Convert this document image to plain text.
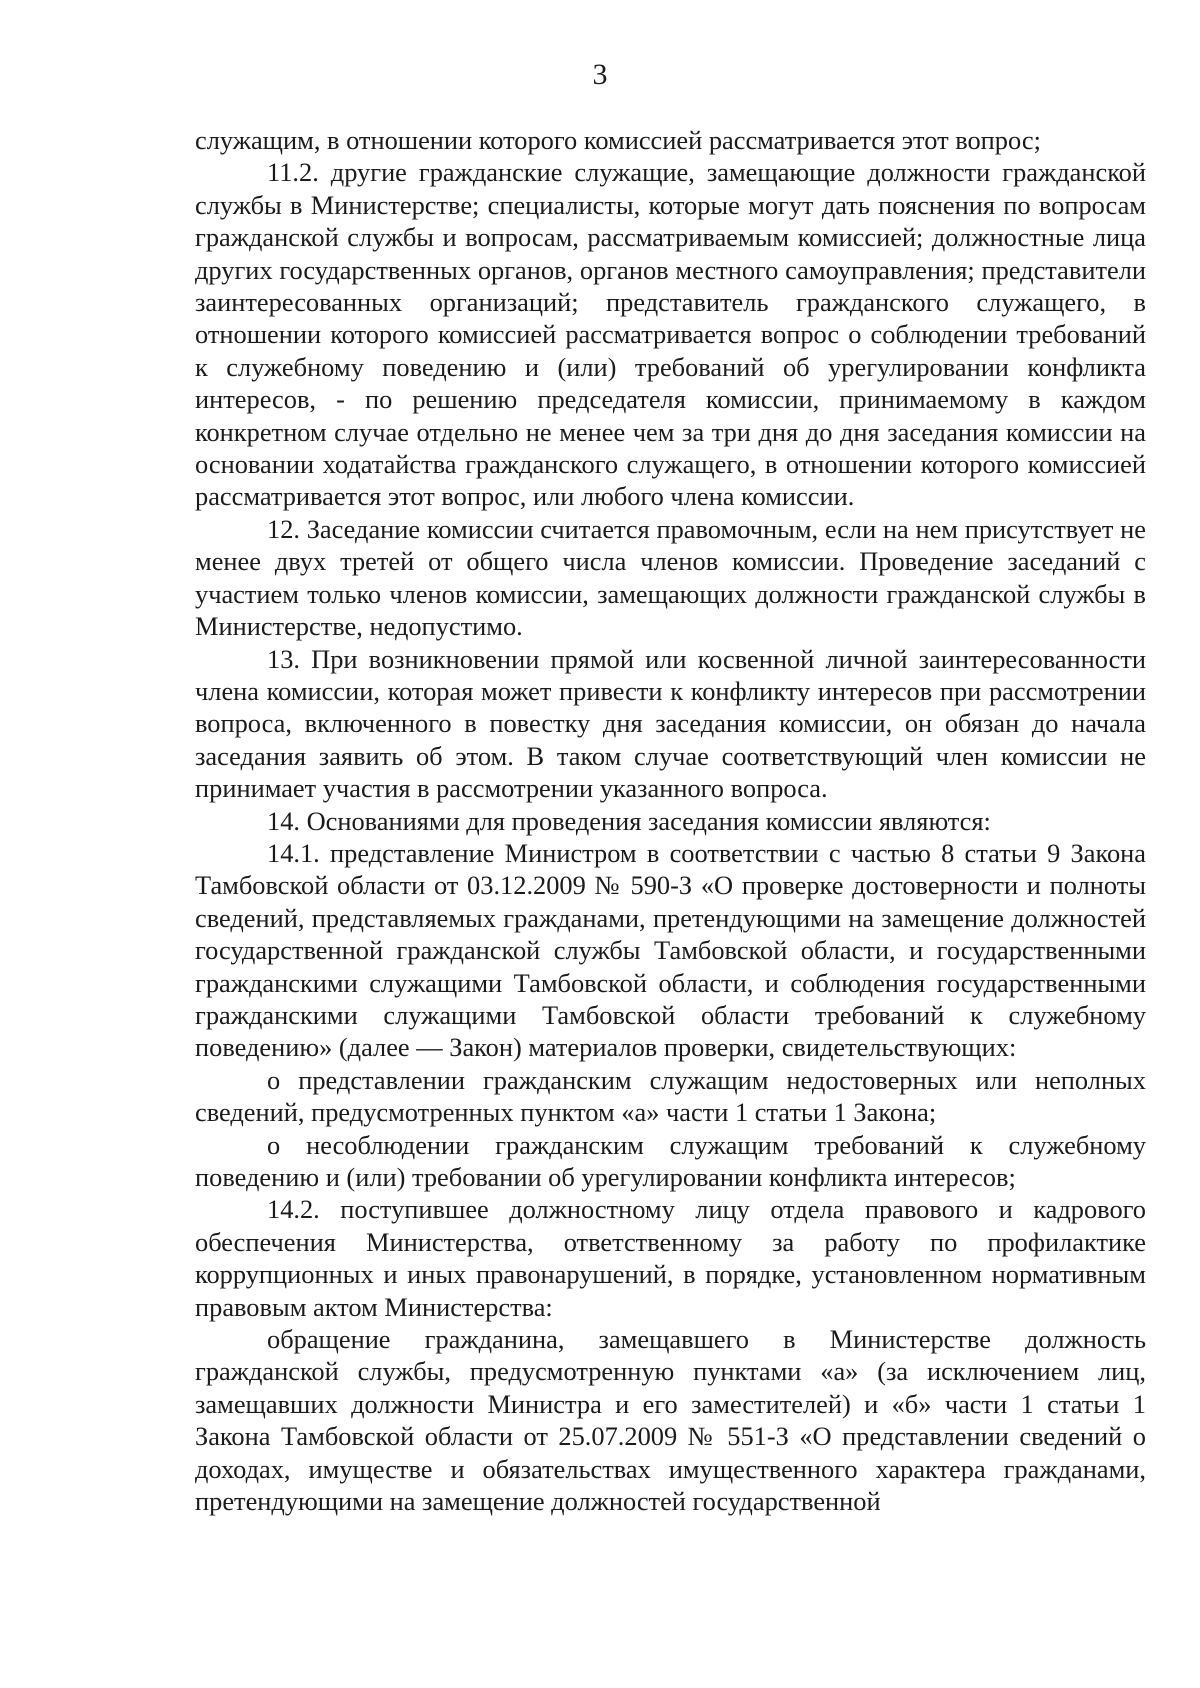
3

служащим, в отношении которого комиссией рассматривается этот вопрос;

11.2. другие гражданские служащие, замещающие должности гражданской службы в Министерстве; специалисты, которые могут дать пояснения по вопросам гражданской службы и вопросам, рассматриваемым комиссией; должностные лица других государственных органов, органов местного самоуправления; представители заинтересованных организаций; представитель гражданского служащего, в отношении которого комиссией рассматривается вопрос о соблюдении требований к служебному поведению и (или) требований об урегулировании конфликта интересов, - по решению председателя комиссии, принимаемому в каждом конкретном случае отдельно не менее чем за три дня до дня заседания комиссии на основании ходатайства гражданского служащего, в отношении которого комиссией рассматривается этот вопрос, или любого члена комиссии.

12. Заседание комиссии считается правомочным, если на нем присутствует не менее двух третей от общего числа членов комиссии. Проведение заседаний с участием только членов комиссии, замещающих должности гражданской службы в Министерстве, недопустимо.

13. При возникновении прямой или косвенной личной заинтересованности члена комиссии, которая может привести к конфликту интересов при рассмотрении вопроса, включенного в повестку дня заседания комиссии, он обязан до начала заседания заявить об этом. В таком случае соответствующий член комиссии не принимает участия в рассмотрении указанного вопроса.

14. Основаниями для проведения заседания комиссии являются:

14.1. представление Министром в соответствии с частью 8 статьи 9 Закона Тамбовской области от 03.12.2009 № 590-З «О проверке достоверности и полноты сведений, представляемых гражданами, претендующими на замещение должностей государственной гражданской службы Тамбовской области, и государственными гражданскими служащими Тамбовской области, и соблюдения государственными гражданскими служащими Тамбовской области требований к служебному поведению» (далее — Закон) материалов проверки, свидетельствующих:

о представлении гражданским служащим недостоверных или неполных сведений, предусмотренных пунктом «а» части 1 статьи 1 Закона;

о несоблюдении гражданским служащим требований к служебному поведению и (или) требовании об урегулировании конфликта интересов;

14.2. поступившее должностному лицу отдела правового и кадрового обеспечения Министерства, ответственному за работу по профилактике коррупционных и иных правонарушений, в порядке, установленном нормативным правовым актом Министерства:

обращение гражданина, замещавшего в Министерстве должность гражданской службы, предусмотренную пунктами «а» (за исключением лиц, замещавших должности Министра и его заместителей) и «б» части 1 статьи 1 Закона Тамбовской области от 25.07.2009 № 551-З «О представлении сведений о доходах, имуществе и обязательствах имущественного характера гражданами, претендующими на замещение должностей государственной
